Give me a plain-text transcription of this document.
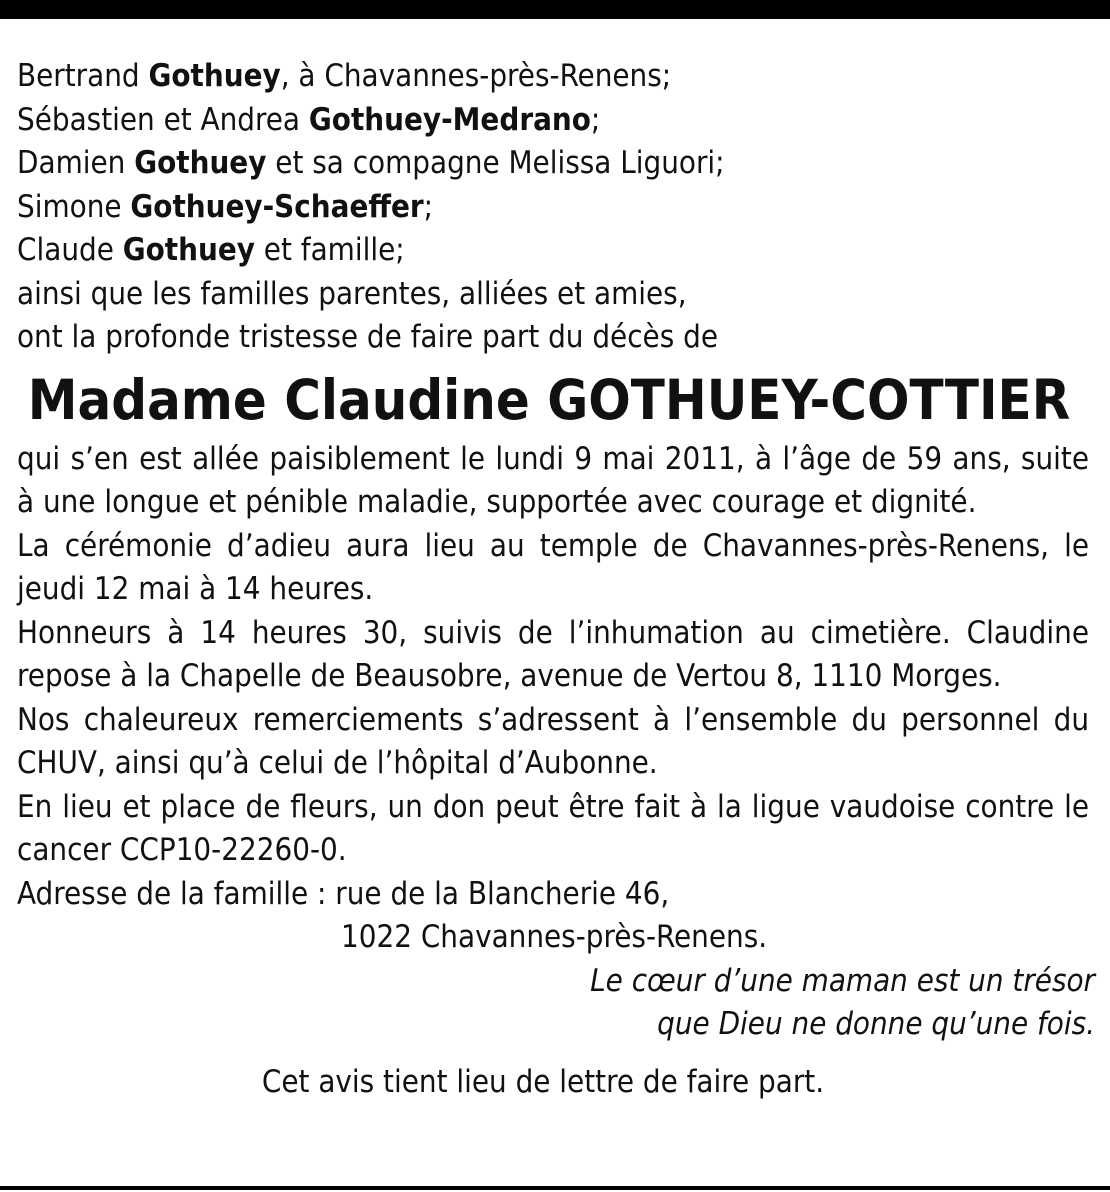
Bertrand Gothuey, à Chavannes-près-Renens;
Sébastien et Andrea Gothuey-Medrano;
Damien Gothuey et sa compagne Melissa Liguori;
Simone Gothuey-Schaeffer;
Claude Gothuey et famille;
ainsi que les familles parentes, alliées et amies,
ont la profonde tristesse de faire part du décès de
Madame Claudine GOTHUEY-COTTIER
qui s’en est allée paisiblement le lundi 9 mai 2011, à l’âge de 59 ans, suite à une longue et pénible maladie, supportée avec courage et dignité.
La cérémonie d’adieu aura lieu au temple de Chavannes-près-Renens, le jeudi 12 mai à 14 heures.
Honneurs à 14 heures 30, suivis de l’inhumation au cimetière. Claudine repose à la Chapelle de Beausobre, avenue de Vertou 8, 1110 Morges.
Nos chaleureux remerciements s’adressent à l’ensemble du personnel du CHUV, ainsi qu’à celui de l’hôpital d’Aubonne.
En lieu et place de fleurs, un don peut être fait à la ligue vaudoise contre le cancer CCP10-22260-0.
Adresse de la famille : rue de la Blancherie 46,
1022 Chavannes-près-Renens.
Le cœur d’une maman est un trésor
que Dieu ne donne qu’une fois.
Cet avis tient lieu de lettre de faire part.
